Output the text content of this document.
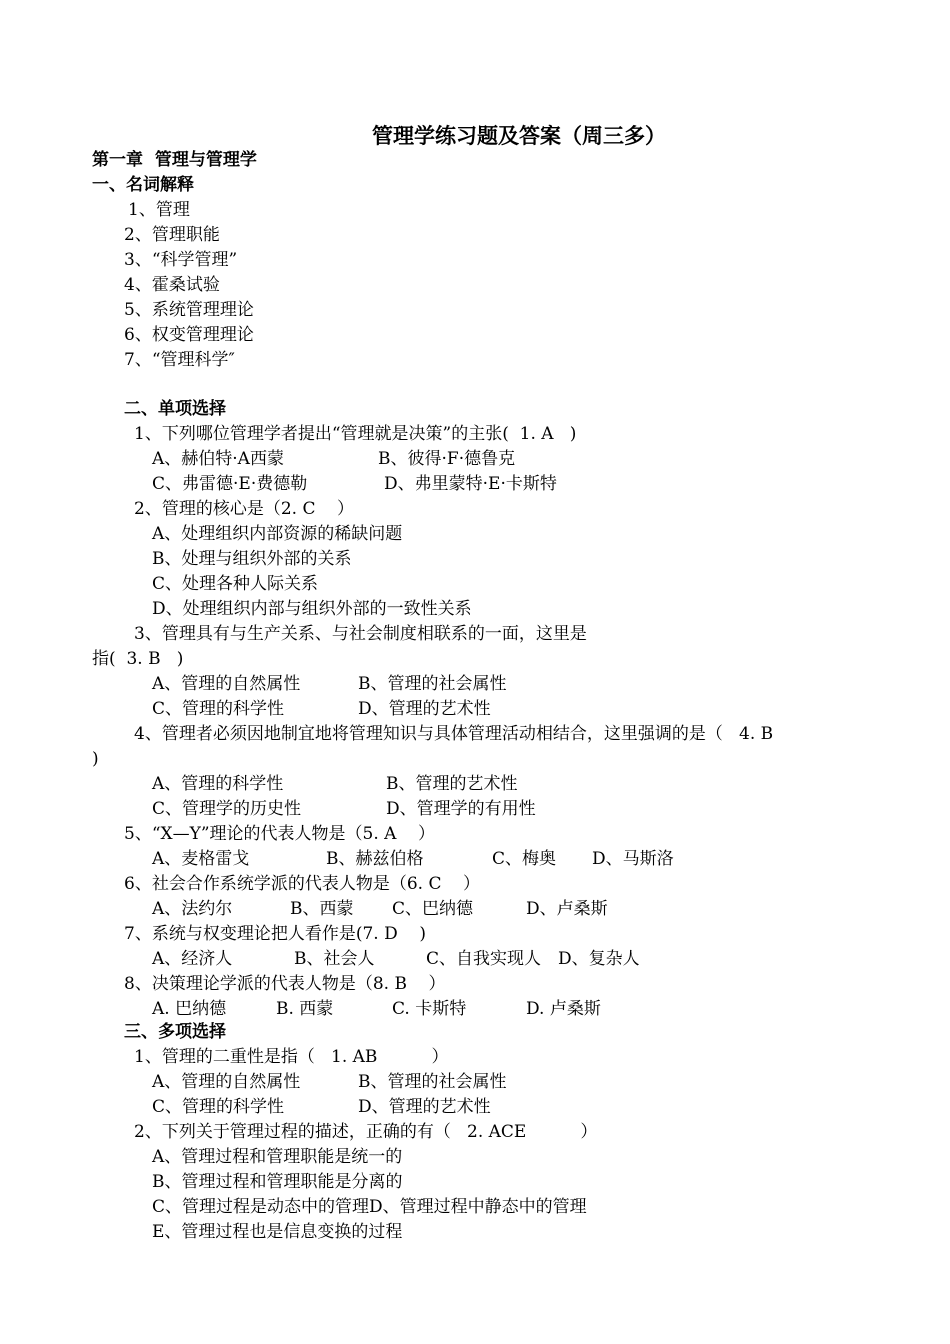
管理学练习题及答案（周三多）
第一章  管理与管理学
一、名词解释
1、管理
2、管理职能
3、“科学管理”
4、霍桑试验
5、系统管理理论
6、权变管理理论
7、“管理科学″
二、单项选择
1、下列哪位管理学者提出“管理就是决策”的主张(  1. A   )
A、赫伯特·A西蒙	B、彼得·F·德鲁克
C、弗雷德·E·费德勒	D、弗里蒙特·E·卡斯特
2、管理的核心是（2. C    ）
A、处理组织内部资源的稀缺问题
B、处理与组织外部的关系
C、处理各种人际关系
D、处理组织内部与组织外部的一致性关系
3、管理具有与生产关系、与社会制度相联系的一面，这里是
指(  3. B   )
A、管理的自然属性	B、管理的社会属性
C、管理的科学性	D、管理的艺术性
4、管理者必须因地制宜地将管理知识与具体管理活动相结合，这里强调的是（   4. B
)
A、管理的科学性	B、管理的艺术性
C、管理学的历史性	D、管理学的有用性
5、“X—Y”理论的代表人物是（5. A    ）
A、麦格雷戈	B、赫兹伯格	C、梅奥 D、马斯洛
6、社会合作系统学派的代表人物是（6. C    ）
A、法约尔	B、西蒙 C、巴纳德	D、卢桑斯
7、系统与权变理论把人看作是(7. D    )
A、经济人	B、社会人	C、自我实现人 D、复杂人
8、决策理论学派的代表人物是（8. B    ）
A. 巴纳德	B. 西蒙	C. 卡斯特	D. 卢桑斯
三、多项选择
1、管理的二重性是指（   1. AB          ）
A、管理的自然属性	B、管理的社会属性
C、管理的科学性	D、管理的艺术性
2、下列关于管理过程的描述，正确的有（   2. ACE          ）
A、管理过程和管理职能是统一的
B、管理过程和管理职能是分离的
C、管理过程是动态中的管理D、管理过程中静态中的管理
E、管理过程也是信息变换的过程
